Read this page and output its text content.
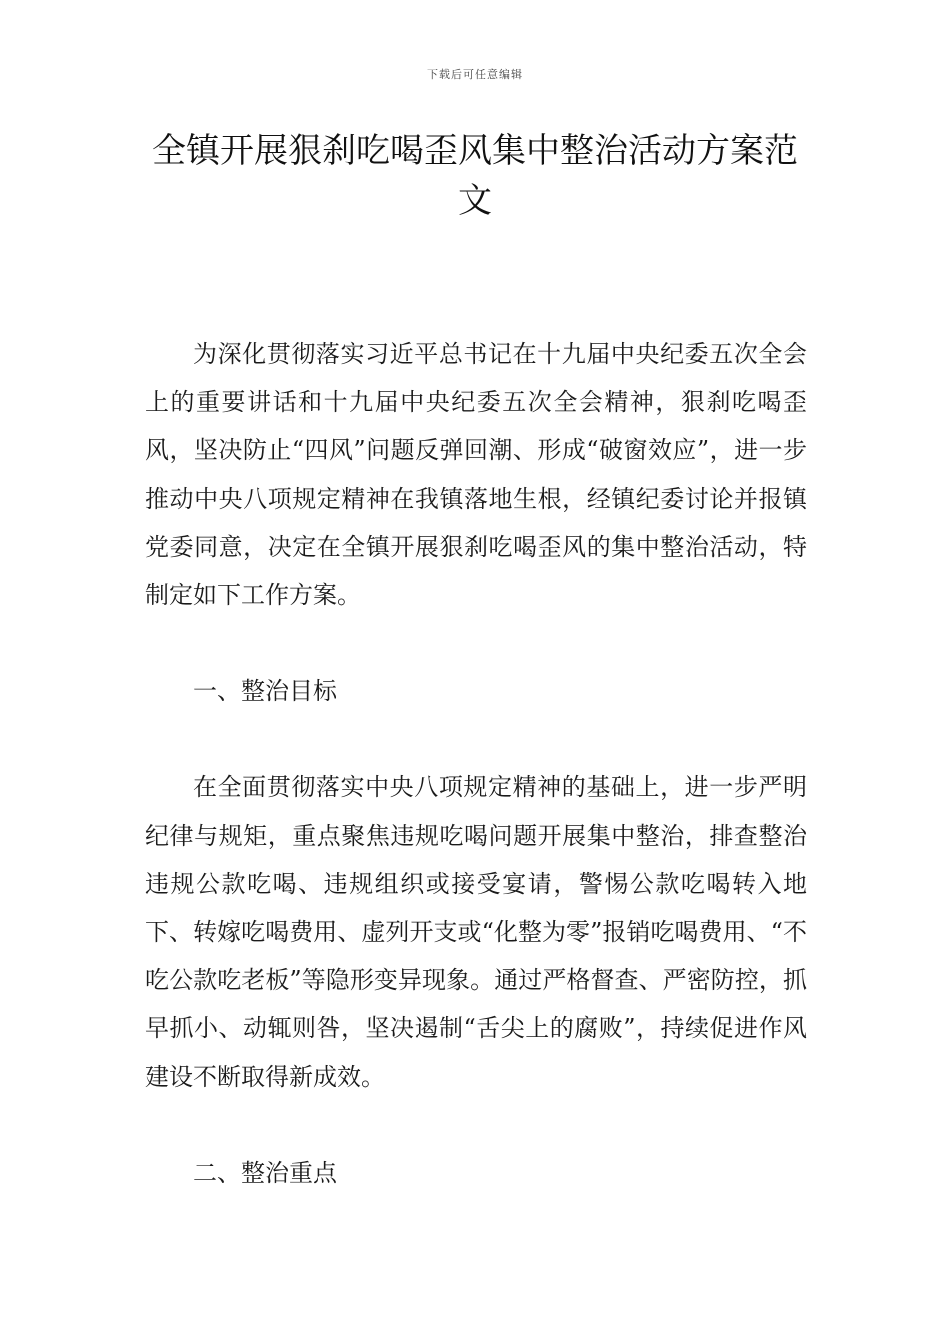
下载后可任意编辑
全镇开展狠刹吃喝歪风集中整治活动方案范文

为深化贯彻落实习近平总书记在十九届中央纪委五次全会上的重要讲话和十九届中央纪委五次全会精神，狠刹吃喝歪风，坚决防止“四风”问题反弹回潮、形成“破窗效应”，进一步推动中央八项规定精神在我镇落地生根，经镇纪委讨论并报镇党委同意，决定在全镇开展狠刹吃喝歪风的集中整治活动，特制定如下工作方案。

一、整治目标

在全面贯彻落实中央八项规定精神的基础上，进一步严明纪律与规矩，重点聚焦违规吃喝问题开展集中整治，排查整治违规公款吃喝、违规组织或接受宴请，警惕公款吃喝转入地下、转嫁吃喝费用、虚列开支或“化整为零”报销吃喝费用、“不吃公款吃老板”等隐形变异现象。通过严格督查、严密防控，抓早抓小、动辄则咎，坚决遏制“舌尖上的腐败”，持续促进作风建设不断取得新成效。

二、整治重点
